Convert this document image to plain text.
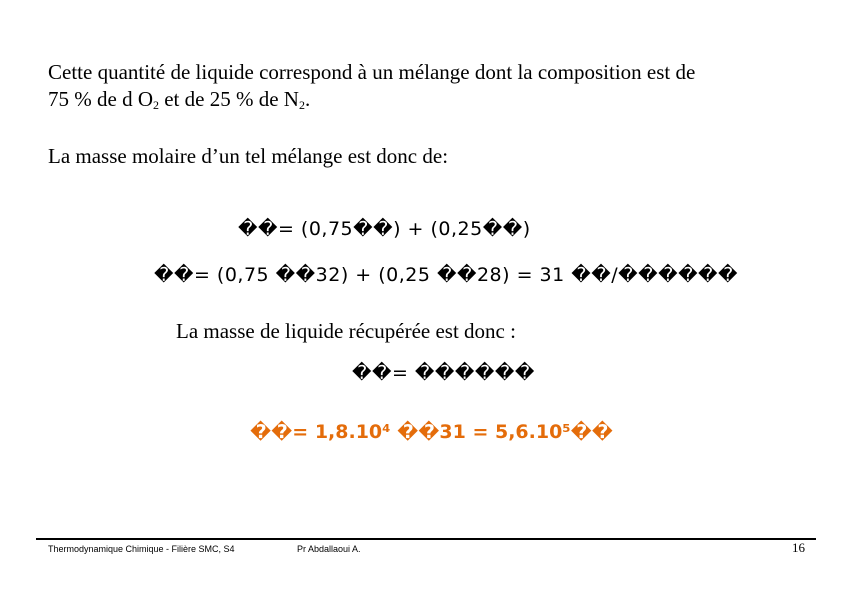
Cette quantité de liquide correspond à un mélange dont la composition est de
75 % de d O2 et de 25 % de N2.
La masse molaire d’un tel mélange est donc de:
��= (0,75��) + (0,25��)
��= (0,75 ��32) + (0,25 ��28) = 31 ��/������
La masse de liquide récupérée est donc :
��= ������
��= 1,8.10⁴ ��31 = 5,6.10⁵��
Thermodynamique Chimique - Filière SMC, S4	Pr Abdallaoui A.	16
